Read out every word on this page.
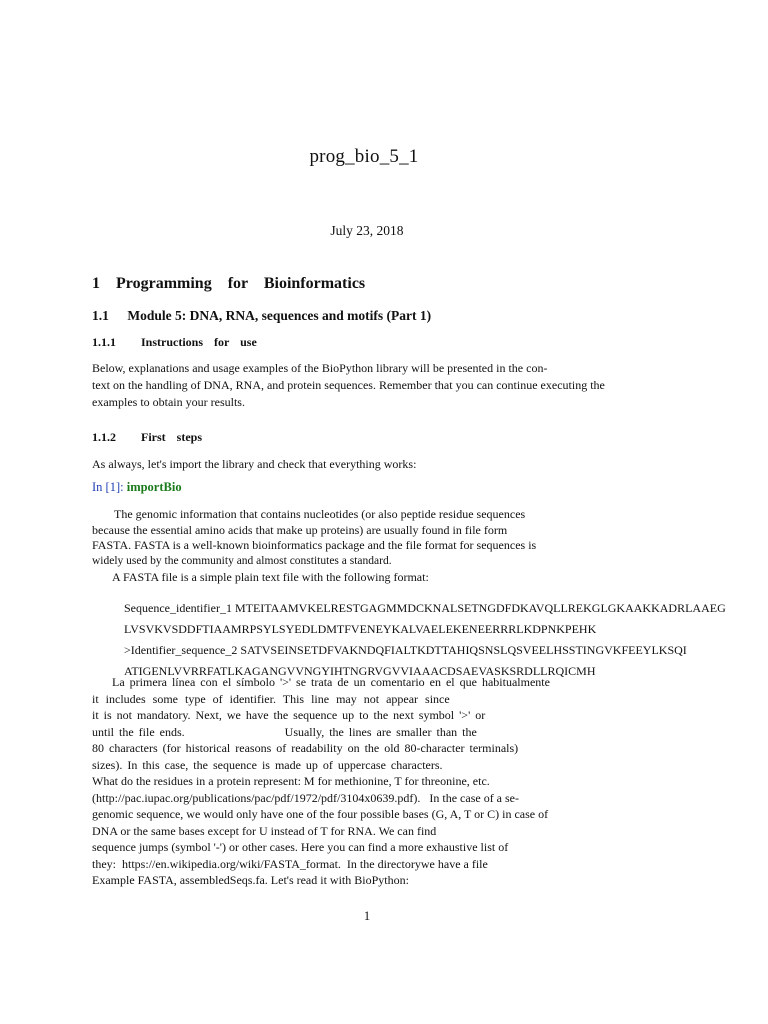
prog_bio_5_1
July 23, 2018
1 Programming for Bioinformatics
1.1 Module 5: DNA, RNA, sequences and motifs (Part 1)
1.1.1 Instructions for use
Below, explanations and usage examples of the BioPython library will be presented in the con-
text on the handling of DNA, RNA, and protein sequences. Remember that you can continue executing the
examples to obtain your results.
1.1.2 First steps
As always, let's import the library and check that everything works:
In [1]: importBio
The genomic information that contains nucleotides (or also peptide residue sequences
because the essential amino acids that make up proteins) are usually found in file form
FASTA. FASTA is a well-known bioinformatics package and the file format for sequences is
widely used by the community and almost constitutes a standard.
A FASTA file is a simple plain text file with the following format:
Sequence_identifier_1 MTEITAAMVKELRESTGAGMMDCKNALSETNGDFDKAVQLLREKGLGKAAKKADRLAAEG
LVSVKVSDDFTIAAMRPSYLSYEDLDMTFVENEYKALVAELEKENEERRRLKDPNKPEHK
>Identifier_sequence_2 SATVSEINSETDFVAKNDQFIALTKDTTAHIQSNSLQSVEELHSSTINGVKFEEYLKSQI
ATIGENLVVRRFATLKAGANGVVNGYIHTNGRVGVVIAAACDSAEVASKSRDLLRQICMH
La primera línea con el símbolo '>' se trata de un comentario en el que habitualmente
it includes some type of identifier. This line may not appear since
it is not mandatory. Next, we have the sequence up to the next symbol '>' or
until the file ends.                    Usually, the lines are smaller than the
80 characters (for historical reasons of readability on the old 80-character terminals)
sizes). In this case, the sequence is made up of uppercase characters.
What do the residues in a protein represent: M for methionine, T for threonine, etc.
(http://pac.iupac.org/publications/pac/pdf/1972/pdf/3104x0639.pdf).   In the case of a se-
genomic sequence, we would only have one of the four possible bases (G, A, T or C) in case of
DNA or the same bases except for U instead of T for RNA. We can find
sequence jumps (symbol '-') or other cases. Here you can find a more exhaustive list of
they:  https://en.wikipedia.org/wiki/FASTA_format.  In the directorywe have a file
Example FASTA, assembledSeqs.fa. Let's read it with BioPython:
1
